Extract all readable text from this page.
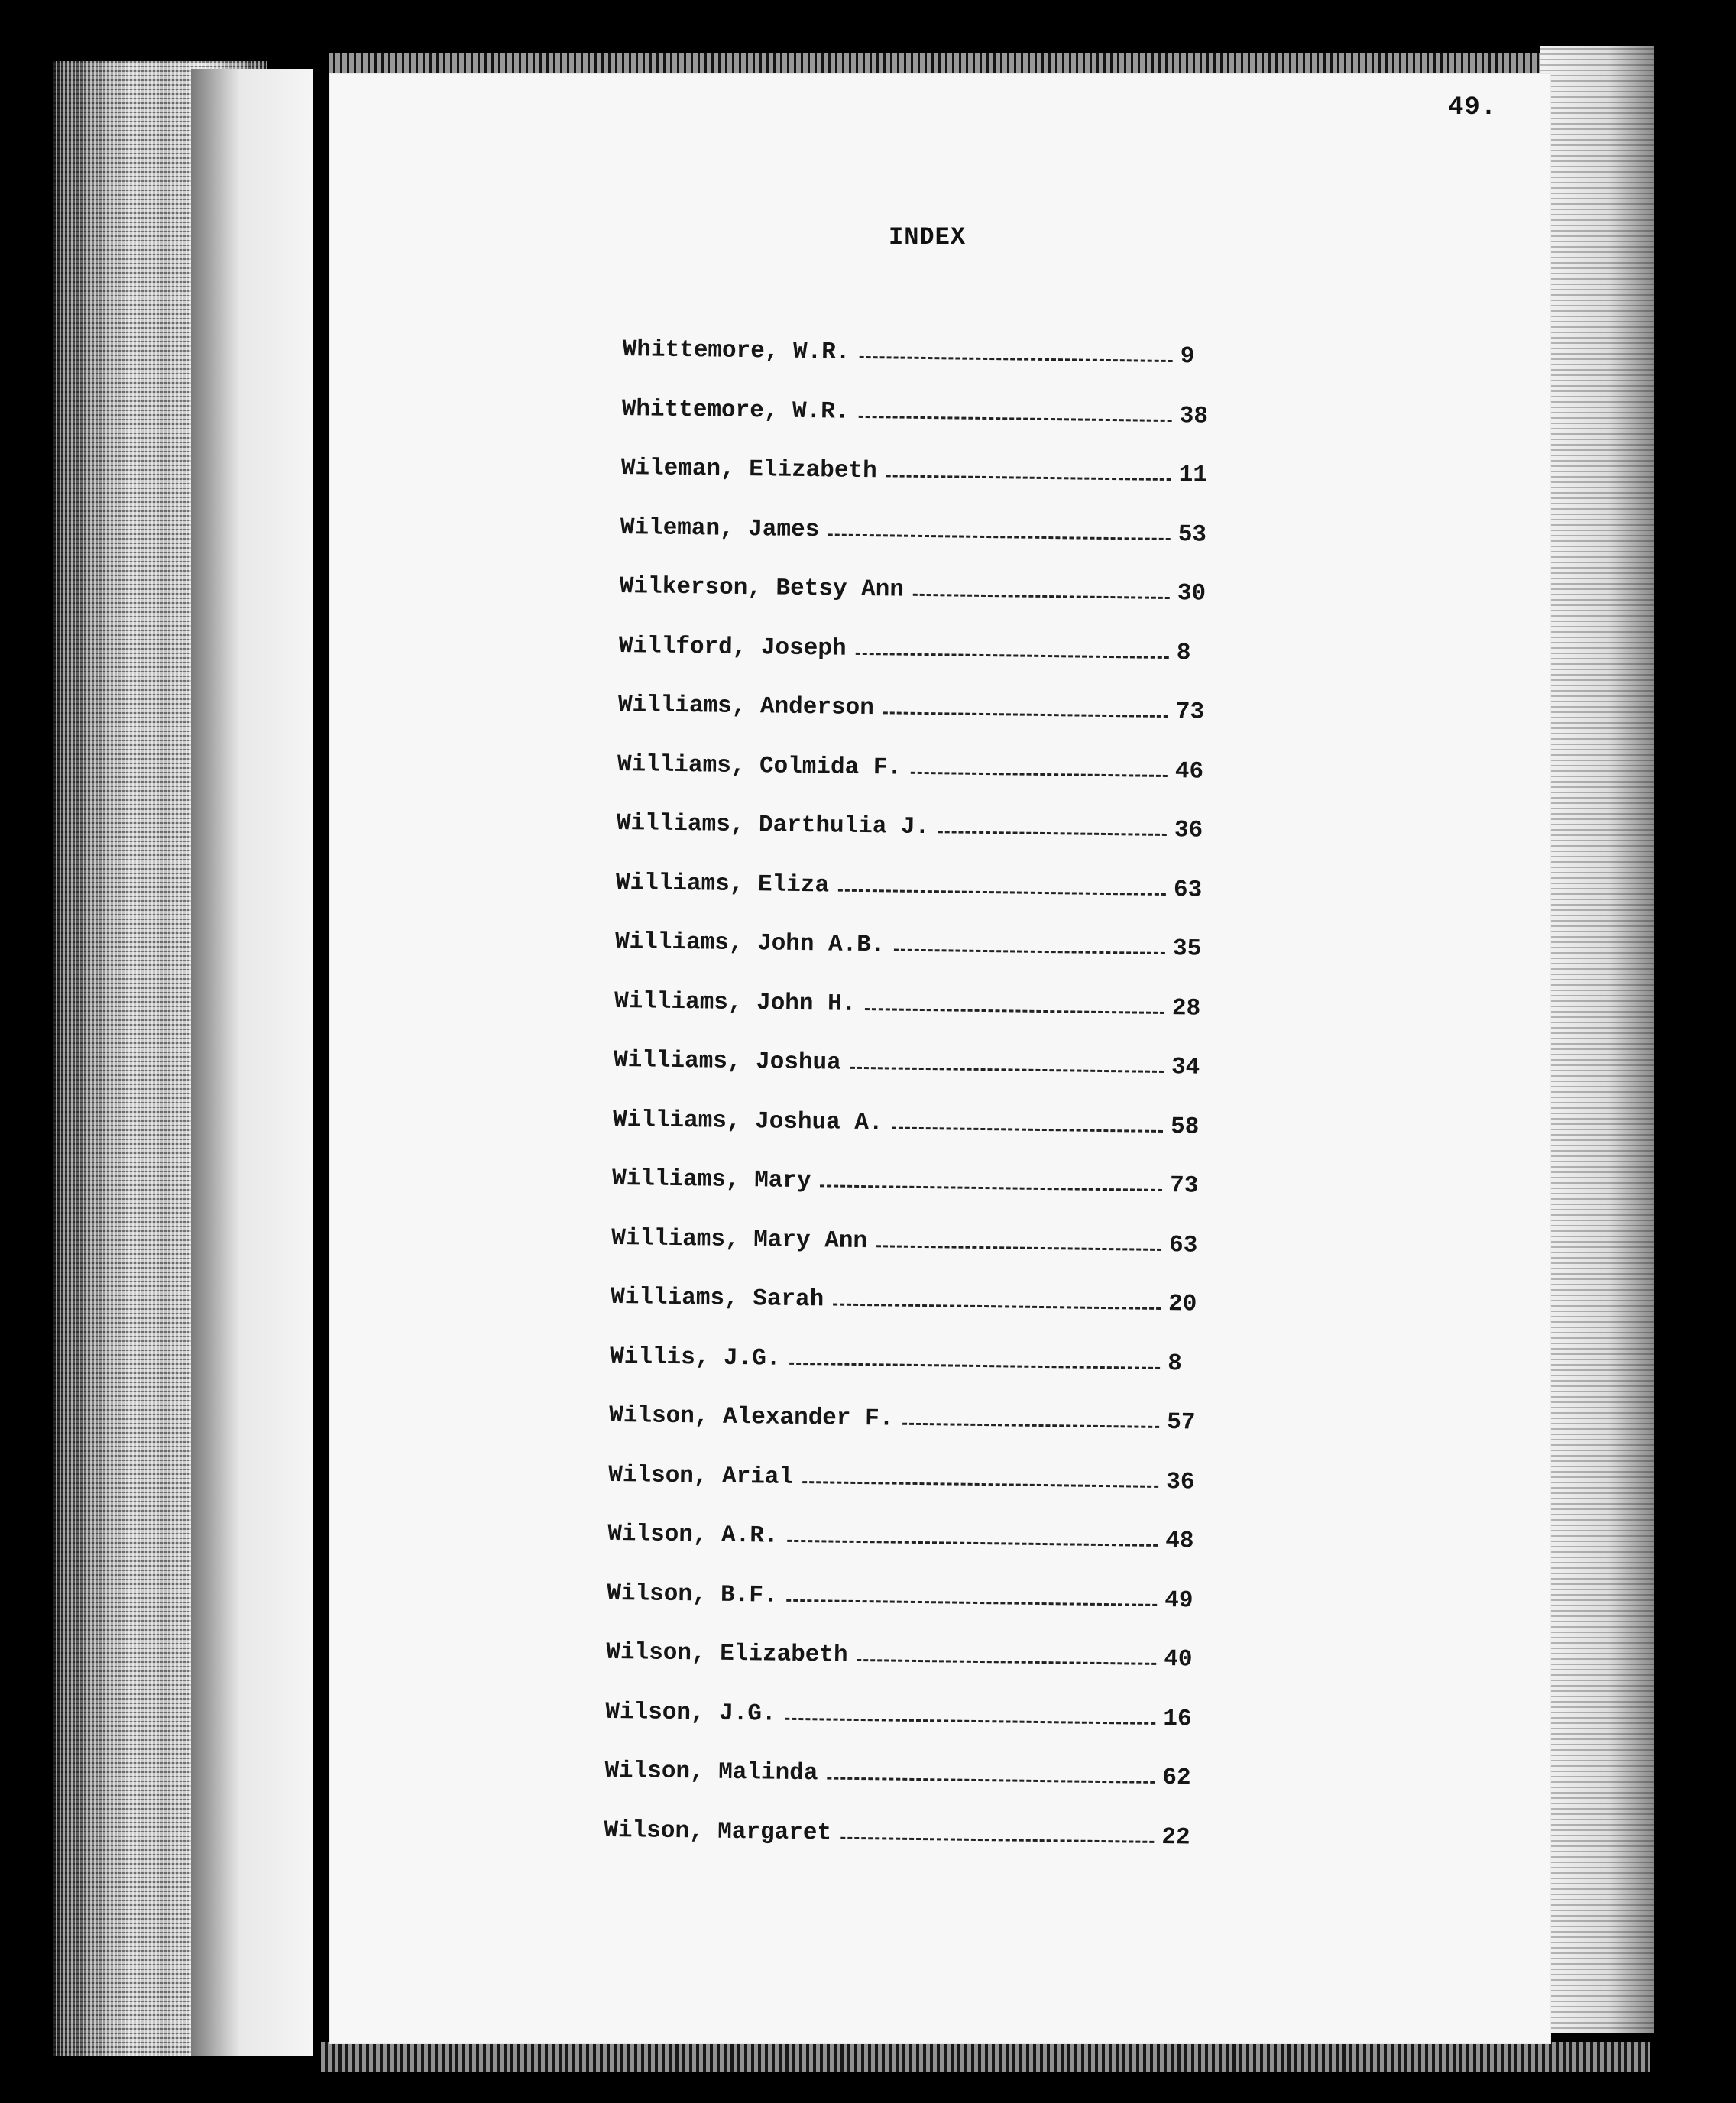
49.
INDEX
Whittemore, W.R.	9
Whittemore, W.R.	38
Wileman, Elizabeth	11
Wileman, James	53
Wilkerson, Betsy Ann	30
Willford, Joseph	8
Williams, Anderson	73
Williams, Colmida F.	46
Williams, Darthulia J.	36
Williams, Eliza	63
Williams, John A.B.	35
Williams, John H.	28
Williams, Joshua	34
Williams, Joshua A.	58
Williams, Mary	73
Williams, Mary Ann	63
Williams, Sarah	20
Willis, J.G.	8
Wilson, Alexander F.	57
Wilson, Arial	36
Wilson, A.R.	48
Wilson, B.F.	49
Wilson, Elizabeth	40
Wilson, J.G.	16
Wilson, Malinda	62
Wilson, Margaret	22
